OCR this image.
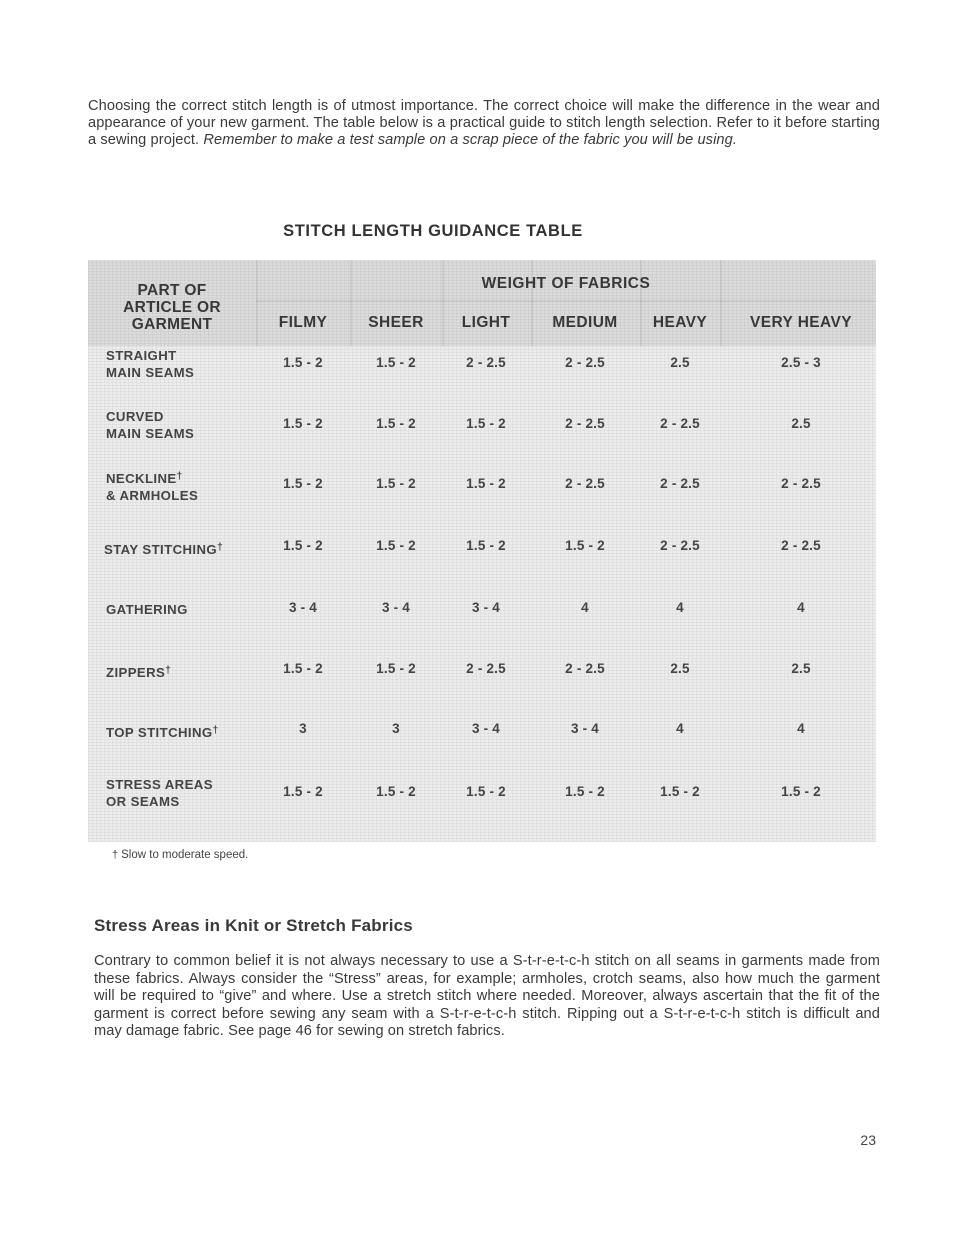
Choosing the correct stitch length is of utmost importance. The correct choice will make the difference in the wear and appearance of your new garment. The table below is a practical guide to stitch length selection. Refer to it before starting a sewing project. Remember to make a test sample on a scrap piece of the fabric you will be using.

STITCH LENGTH GUIDANCE TABLE
PART OF
ARTICLE OR
GARMENT
WEIGHT OF FABRICS
FILMY	SHEER	LIGHT	MEDIUM	HEAVY	VERY HEAVY
STRAIGHT
MAIN SEAMS
1.5 - 2	1.5 - 2	2 - 2.5	2 - 2.5	2.5	2.5 - 3
CURVED
MAIN SEAMS
1.5 - 2	1.5 - 2	1.5 - 2	2 - 2.5	2 - 2.5	2.5
NECKLINE†
& ARMHOLES
1.5 - 2	1.5 - 2	1.5 - 2	2 - 2.5	2 - 2.5	2 - 2.5
STAY STITCHING†	1.5 - 2	1.5 - 2	1.5 - 2	1.5 - 2	2 - 2.5	2 - 2.5
GATHERING	3 - 4	3 - 4	3 - 4	4	4	4
ZIPPERS†	1.5 - 2	1.5 - 2	2 - 2.5	2 - 2.5	2.5	2.5
TOP STITCHING†	3	3	3 - 4	3 - 4	4	4
STRESS AREAS
OR SEAMS
1.5 - 2	1.5 - 2	1.5 - 2	1.5 - 2	1.5 - 2	1.5 - 2
† Slow to moderate speed.
Stress Areas in Knit or Stretch Fabrics

Contrary to common belief it is not always necessary to use a S-t-r-e-t-c-h stitch on all seams in garments made from these fabrics. Always consider the “Stress” areas, for example; armholes, crotch seams, also how much the garment will be required to “give” and where. Use a stretch stitch where needed. Moreover, always ascertain that the fit of the garment is correct before sewing any seam with a S-t-r-e-t-c-h stitch. Ripping out a S-t-r-e-t-c-h stitch is difficult and may damage fabric. See page 46 for sewing on stretch fabrics.

23
